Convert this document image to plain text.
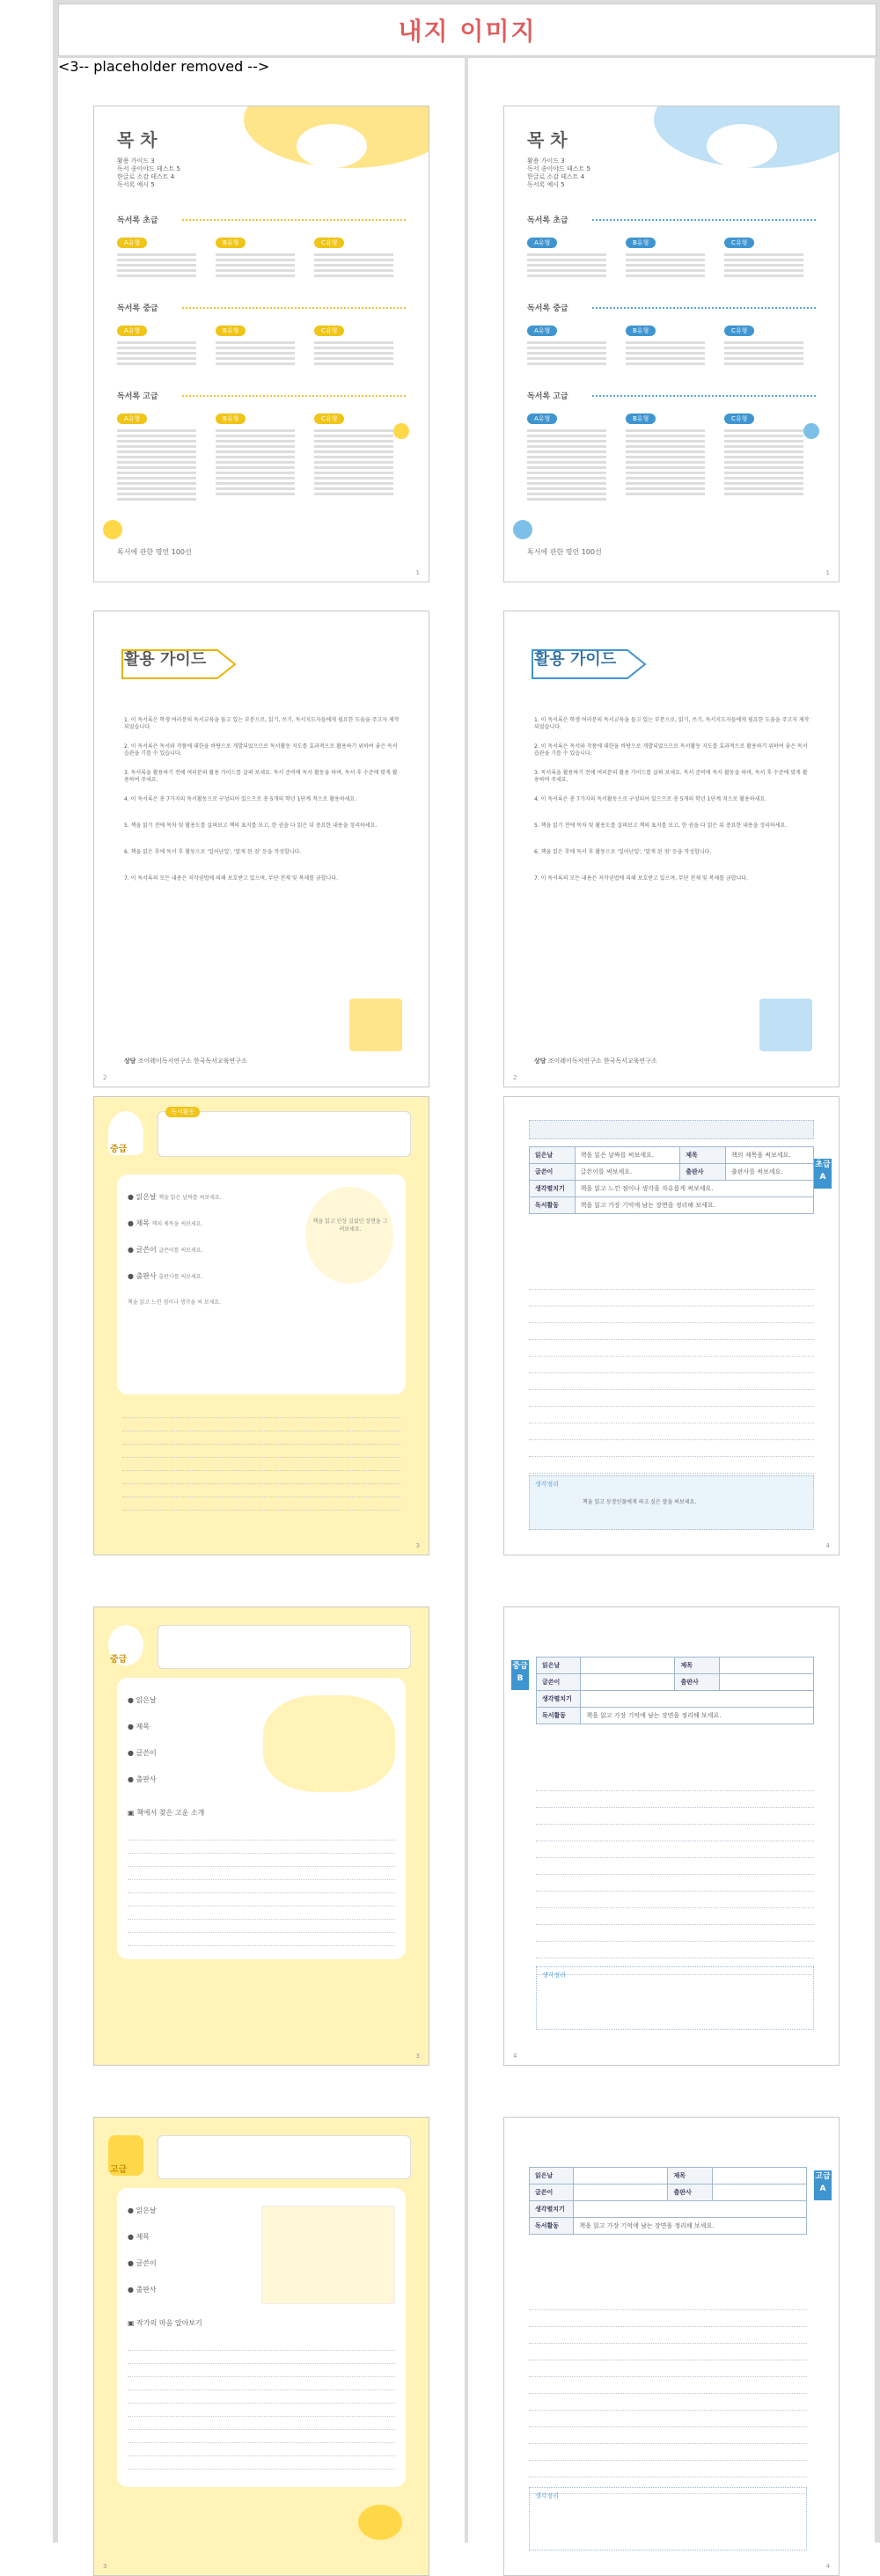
내지 이미지
목 차
활용 가이드 3
독서 종이야드 테스트 5
한글로 소감 테스트 4
독서록 예시 5
독서록 초급
A유형	B유형	C유형
독서록 중급
A유형	B유형	C유형
독서록 고급
A유형	B유형	C유형
독서에 관한 명언 100선
1
활용 가이드
1. 이 독서록은 학생 여러분의 독서교육을 돕고 있는 부분으로, 읽기, 쓰기, 독서지도자들에게 필요한 도움을 주고자 제작되었습니다.
2. 이 독서록은 독서와 작품에 대한을 바탕으로 개발되었으므로 독서활동 지도를 효과적으로 활용하기 위하여 좋은 독서 습관을 기를 수 있습니다.
3. 독서록을 활용하기 전에 여러분의 활용 가이드를 살펴 보세요. 독서 준비에 독서 활동을 하며, 독서 후 수준에 맞게 활용하여 주세요.
4. 이 독서록은 총 7가지의 독서활동으로 구성되어 있으므로 총 5개의 학년 1단계 적으로 활용하세요.
5. 책을 읽기 전에 목차 및 활용도를 살펴보고 책의 표지를 보고, 한 권을 다 읽은 뒤 중요한 내용을 정리하세요.
6. 책을 읽은 후에 독서 후 활동으로 '일어난일', '알게 된 점' 등을 작성합니다.
7. 이 독서록의 모든 내용은 저작권법에 의해 보호받고 있으며, 무단 전재 및 복제를 금합니다.
상담 조이레이독서연구소 한국독서교육연구소
2
중급
독서활동
● 읽은날 책을 읽은 날짜를 써보세요.
● 제목 책의 제목을 써보세요.
● 글쓴이 글쓴이를 써보세요.
● 출판사 출판사를 써보세요.
책을 읽고 느낀 점이나 생각을 써 보세요.
책을 읽고 인상 깊었던 장면을 그려보세요.
3
중급
● 읽은날
● 제목
● 글쓴이
● 출판사
▣ 책에서 찾은 고운 소개
3
<3-- placeholder removed -->
고급
● 읽은날
● 제목
● 글쓴이
● 출판사
▣ 작가의 마음 알아보기
3
목 차
활용 가이드 3
독서 종이야드 테스트 5
한글로 소감 테스트 4
독서록 예시 5
독서록 초급
A유형	B유형	C유형
독서록 중급
A유형	B유형	C유형
독서록 고급
A유형	B유형	C유형
독서에 관한 명언 100선
1
활용 가이드
1. 이 독서록은 학생 여러분의 독서교육을 돕고 있는 부분으로, 읽기, 쓰기, 독서지도자들에게 필요한 도움을 주고자 제작되었습니다.
2. 이 독서록은 독서와 작품에 대한을 바탕으로 개발되었으므로 독서활동 지도를 효과적으로 활용하기 위하여 좋은 독서 습관을 기를 수 있습니다.
3. 독서록을 활용하기 전에 여러분의 활용 가이드를 살펴 보세요. 독서 준비에 독서 활동을 하며, 독서 후 수준에 맞게 활용하여 주세요.
4. 이 독서록은 총 7가지의 독서활동으로 구성되어 있으므로 총 5개의 학년 1단계 적으로 활용하세요.
5. 책을 읽기 전에 목차 및 활용도를 살펴보고 책의 표지를 보고, 한 권을 다 읽은 뒤 중요한 내용을 정리하세요.
6. 책을 읽은 후에 독서 후 활동으로 '일어난일', '알게 된 점' 등을 작성합니다.
7. 이 독서록의 모든 내용은 저작권법에 의해 보호받고 있으며, 무단 전재 및 복제를 금합니다.
상담 조이레이독서연구소 한국독서교육연구소
2
초급 A
읽은날	책을 읽은 날짜를 써보세요.	제목	책의 제목을 써보세요.
글쓴이	글쓴이를 써보세요.	출판사	출판사를 써보세요.
생각펼치기	책을 읽고 느낀 점이나 생각을 자유롭게 써보세요.		
독서활동	책을 읽고 가장 기억에 남는 장면을 정리해 보세요.		
생각정리
책을 읽고 등장인물에게 하고 싶은 말을 써보세요.
4
중급 B
읽은날		제목	
글쓴이		출판사	
생각펼치기			
독서활동	책을 읽고 가장 기억에 남는 장면을 정리해 보세요.		
생각정리
4
고급 A
읽은날		제목	
글쓴이		출판사	
생각펼치기			
독서활동	책을 읽고 가장 기억에 남는 장면을 정리해 보세요.		
생각정리
4
